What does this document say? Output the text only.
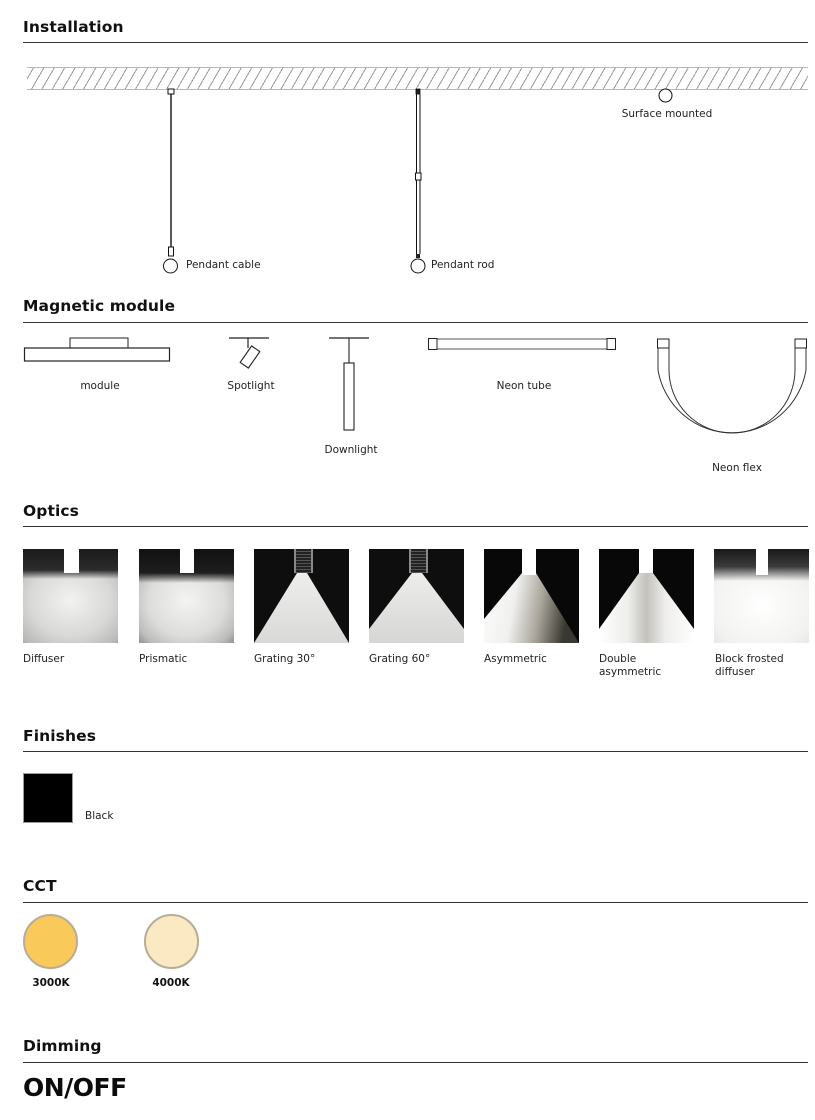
Installation
Pendant cable	Pendant rod
Surface mounted
Magnetic module
module	Spotlight
Downlight
Neon tube
Neon flex
Optics
Diffuser	Prismatic	Grating 30°	Grating 60°	Asymmetric	Double
asymmetric
Block frosted
diffuser
Finishes
Black
CCT
3000K	4000K
Dimming
ON/OFF
